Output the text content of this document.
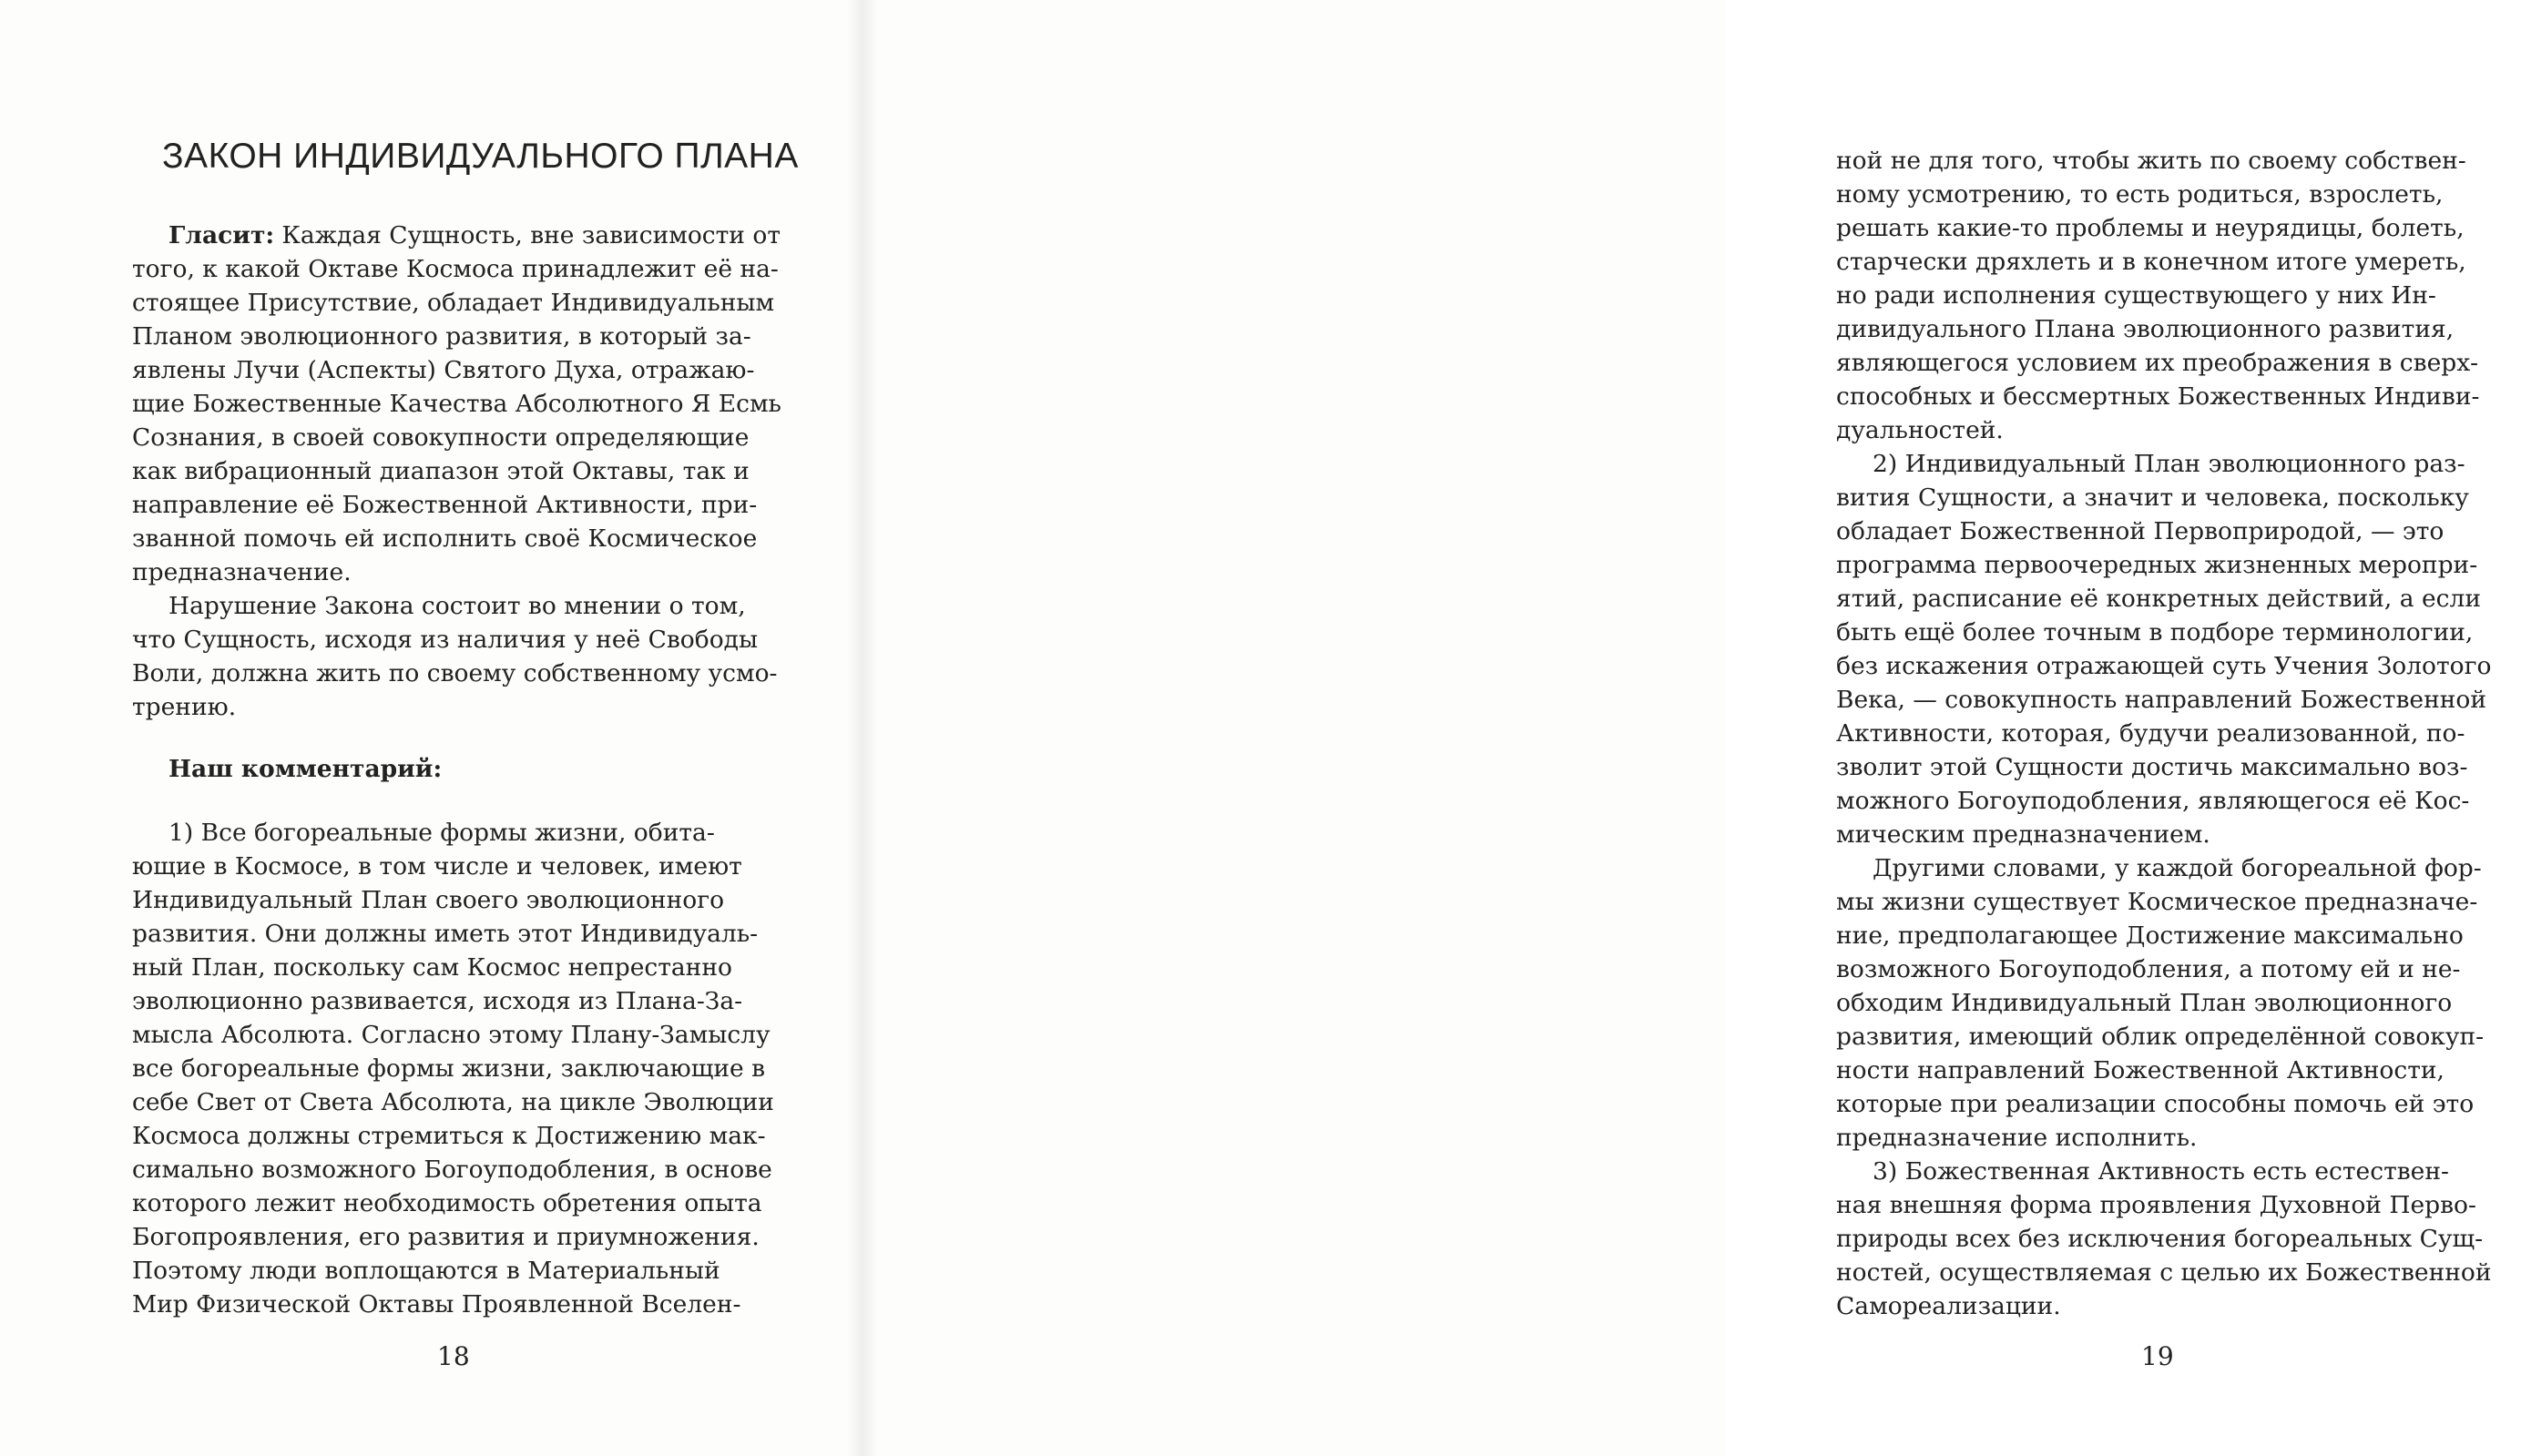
ЗАКОН ИНДИВИДУАЛЬНОГО ПЛАНА

Гласит: Каждая Сущность, вне зависимости от

того, к какой Октаве Космоса принадлежит её на-

стоящее Присутствие, обладает Индивидуальным

Планом эволюционного развития, в который за-

явлены Лучи (Аспекты) Святого Духа, отражаю-

щие Божественные Качества Абсолютного Я Есмь

Сознания, в своей совокупности определяющие

как вибрационный диапазон этой Октавы, так и

направление её Божественной Активности, при-

званной помочь ей исполнить своё Космическое

предназначение.

Нарушение Закона состоит во мнении о том,

что Сущность, исходя из наличия у неё Свободы

Воли, должна жить по своему собственному усмо-

трению.

Наш комментарий:

1) Все богореальные формы жизни, обита-

ющие в Космосе, в том числе и человек, имеют

Индивидуальный План своего эволюционного

развития. Они должны иметь этот Индивидуаль-

ный План, поскольку сам Космос непрестанно

эволюционно развивается, исходя из Плана-За-

мысла Абсолюта. Согласно этому Плану-Замыслу

все богореальные формы жизни, заключающие в

себе Свет от Света Абсолюта, на цикле Эволюции

Космоса должны стремиться к Достижению мак-

симально возможного Богоуподобления, в основе

которого лежит необходимость обретения опыта

Богопроявления, его развития и приумножения.

Поэтому люди воплощаются в Материальный

Мир Физической Октавы Проявленной Вселен-

18

ной не для того, чтобы жить по своему собствен-

ному усмотрению, то есть родиться, взрослеть,

решать какие-то проблемы и неурядицы, болеть,

старчески дряхлеть и в конечном итоге умереть,

но ради исполнения существующего у них Ин-

дивидуального Плана эволюционного развития,

являющегося условием их преображения в сверх-

способных и бессмертных Божественных Индиви-

дуальностей.

2) Индивидуальный План эволюционного раз-

вития Сущности, а значит и человека, поскольку

обладает Божественной Первоприродой, — это

программа первоочередных жизненных меропри-

ятий, расписание её конкретных действий, а если

быть ещё более точным в подборе терминологии,

без искажения отражающей суть Учения Золотого

Века, — совокупность направлений Божественной

Активности, которая, будучи реализованной, по-

зволит этой Сущности достичь максимально воз-

можного Богоуподобления, являющегося её Кос-

мическим предназначением.

Другими словами, у каждой богореальной фор-

мы жизни существует Космическое предназначе-

ние, предполагающее Достижение максимально

возможного Богоуподобления, а потому ей и не-

обходим Индивидуальный План эволюционного

развития, имеющий облик определённой совокуп-

ности направлений Божественной Активности,

которые при реализации способны помочь ей это

предназначение исполнить.

3) Божественная Активность есть естествен-

ная внешняя форма проявления Духовной Перво-

природы всех без исключения богореальных Сущ-

ностей, осуществляемая с целью их Божественной

Самореализации.

19
